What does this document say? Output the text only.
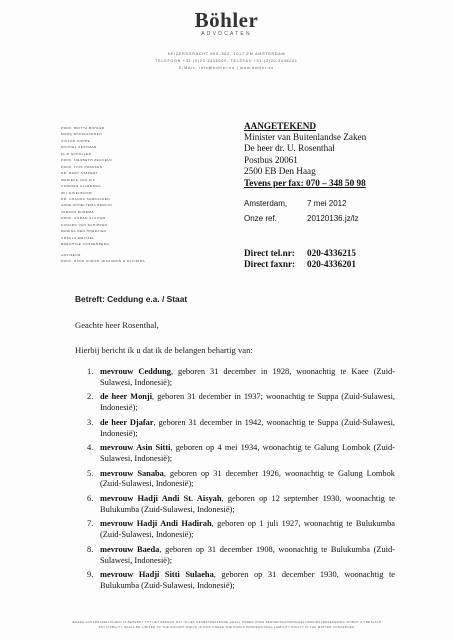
Böhler
ADVOCATEN
KEIZERSGRACHT 560–562, 1017 EM AMSTERDAM
TELEFOON +31 (0)20.3445000, TELEFAX +31 (0)20.3446201
E-MAIL: info@bohler.eu | www.bohler.eu
PROF. BRITTA BÖHLER
MARQ WIJNGAARDEN
VICTOR KOPPE
MICHIEL PESTMAN
FLIP SCHÜLLER
PROF. LIESBETH ZEGVELD
PROF. THIS PRAKKEN
DR. BART STAPERT
MARIEKE VAN EIK
CORRIEN ULLERSMA
WIL EIKELBOOM
DR. CHANNA SAMKALDEN
ANNE SCHELTEMA BEDUIN
TAMARA BUREMA
PROF. GÖRAN SLUITER
KONARD VAN SCHIPPEN
MARINA DEN HOEDJIER
URSULA WEITZEL
BRECHTJE VOSSENBERG
ADVISEUR
PROF. HANS SURON JESSURUN D'OLIVEIRA
AANGETEKEND
Minister van Buitenlandse Zaken
De heer dr. U. Rosenthal
Postbus 20061
2500 EB Den Haag
Tevens per fax: 070 – 348 50 98
Amsterdam,	7 mei 2012
Onze ref.	20120136.jz/lz
Direct tel.nr:	020-4336215
Direct faxnr:	020-4336201
Betreft: Ceddung e.a. / Staat
Geachte heer Rosenthal,
Hierbij bericht ik u dat ik de belangen behartig van:
1. mevrouw Ceddung, geboren 31 december in 1928, woonachtig te Kaee (Zuid-Sulawesi, Indonesië);
2. de heer Monji, geboren 31 december in 1937; woonachtig te Suppa (Zuid-Sulawesi, Indonesië);
3. de heer Djafar, geboren 31 december in 1942, woonachtig te Suppa (Zuid-Sulawesi, Indonesië);
4. mevrouw Asin Sitti, geboren op 4 mei 1934, woonachtig te Galung Lombok (Zuid-Sulawesi, Indonesië);
5. mevrouw Sanaba, geboren op 31 december 1926, woonachtig te Galung Lombok (Zuid-Sulawesi, Indonesië);
6. mevrouw Hadji Andi St. Aisyah, geboren op 12 september 1930, woonachtig te Bulukumba (Zuid-Sulawesi, Indonesië);
7. mevrouw Hadji Andi Hadirah, geboren op 1 juli 1927, woonachtig te Bulukumba (Zuid-Sulawesi, Indonesië);
8. mevrouw Baeda, geboren op 31 december 1908, woonachtig te Bulukumba (Zuid-Sulawesi, Indonesië);
9. mevrouw Hadji Sitti Sulaeha, geboren op 31 december 1930, woonachtig te Bulukumba (Zuid-Sulawesi, Indonesië);
IEDERE AANSPRAKELIJKHEID IS BEPERKT TOT HET BEDRAG DAT IN HET DESBETREFFENDE GEVAL ONDER ONZE BEROEPSAANSPRAKELIJKHEIDSVERZEKERING WORDT UITBETAALD
ANY LIABILITY SHALL BE LIMITED TO THE AMOUNT WHICH IS PAID UNDER THE FIRM'S PROFESSIONAL LIABILITY POLICY IN THE MATTER CONCERNED
